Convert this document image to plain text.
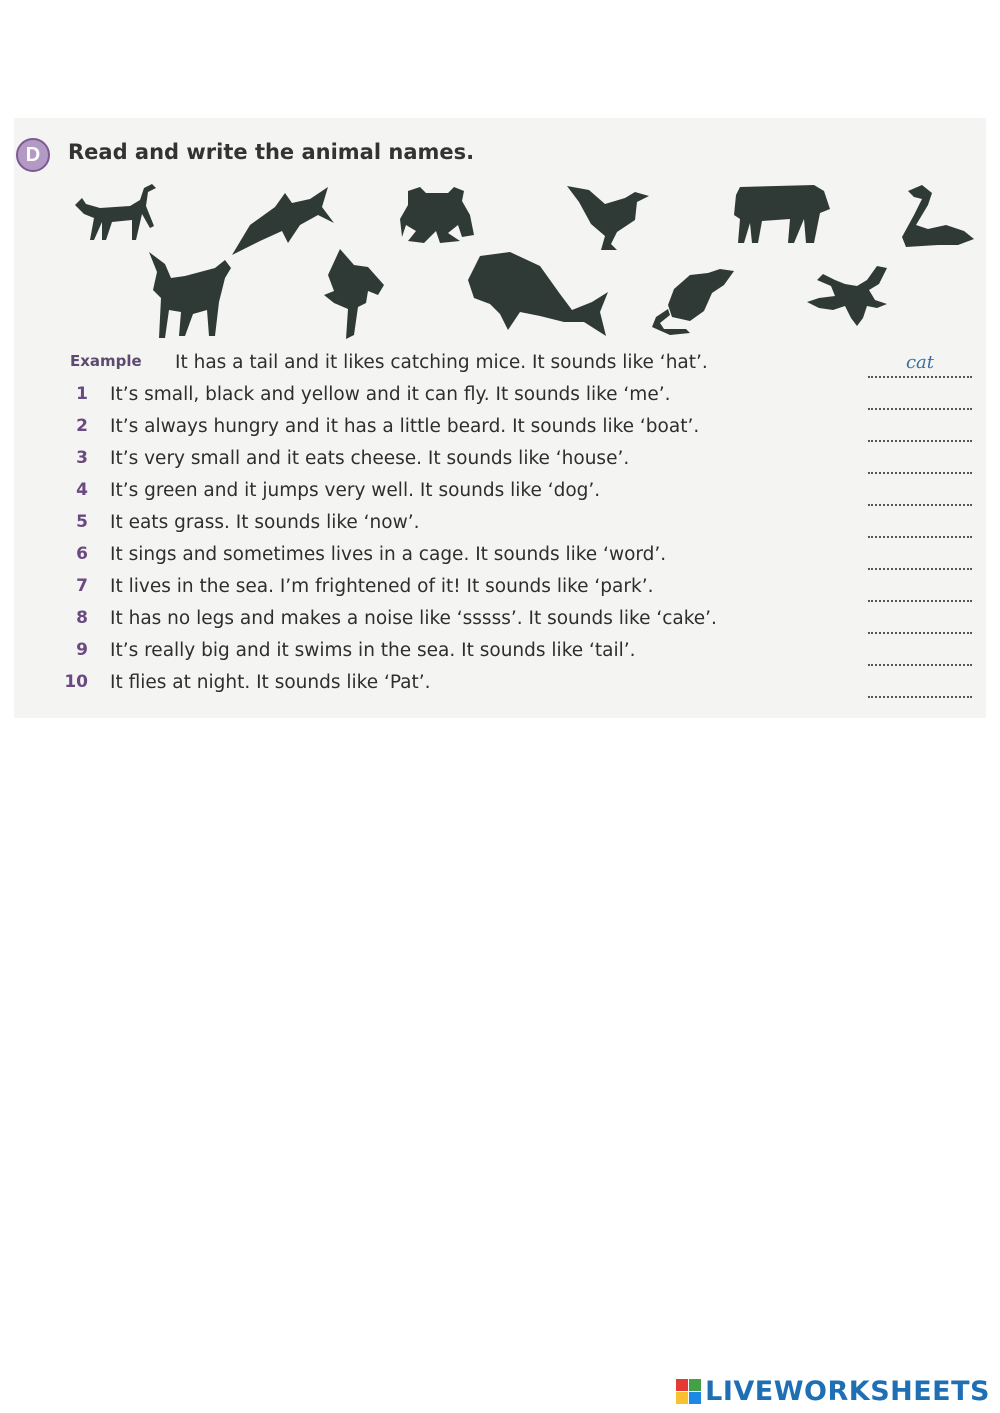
D	Read and write the animal names.
Example	It has a tail and it likes catching mice. It sounds like ‘hat’.	cat
1 It’s small, black and yellow and it can fly. It sounds like ‘me’.
2 It’s always hungry and it has a little beard. It sounds like ‘boat’.
3 It’s very small and it eats cheese. It sounds like ‘house’.
4 It’s green and it jumps very well. It sounds like ‘dog’.
5 It eats grass. It sounds like ‘now’.
6 It sings and sometimes lives in a cage. It sounds like ‘word’.
7 It lives in the sea. I’m frightened of it! It sounds like ‘park’.
8 It has no legs and makes a noise like ‘sssss’. It sounds like ‘cake’.
9 It’s really big and it swims in the sea. It sounds like ‘tail’.
10 It flies at night. It sounds like ‘Pat’.
LIVEWORKSHEETS
